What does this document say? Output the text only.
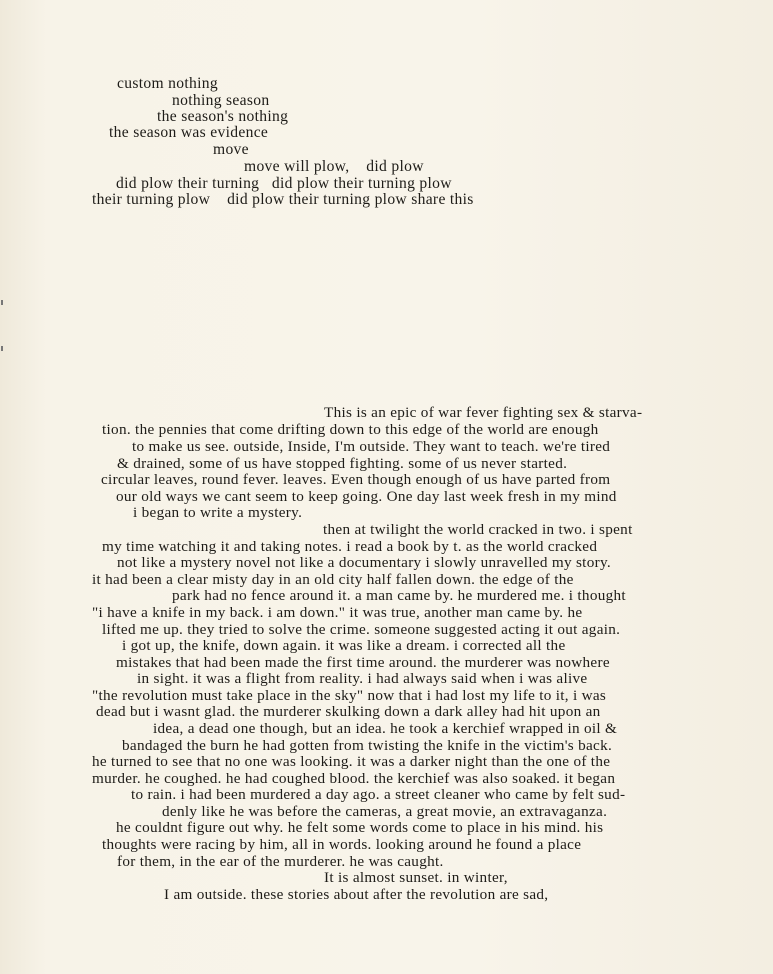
custom nothing
nothing season
the season's nothing
the season was evidence
move
move will plow,    did plow
did plow their turning   did plow their turning plow
their turning plow    did plow their turning plow share this
This is an epic of war fever fighting sex & starva-
tion. the pennies that come drifting down to this edge of the world are enough
to make us see. outside, Inside, I'm outside. They want to teach. we're tired
& drained, some of us have stopped fighting. some of us never started.
circular leaves, round fever. leaves. Even though enough of us have parted from
our old ways we cant seem to keep going. One day last week fresh in my mind
i began to write a mystery.
then at twilight the world cracked in two. i spent
my time watching it and taking notes. i read a book by t. as the world cracked
not like a mystery novel not like a documentary i slowly unravelled my story.
it had been a clear misty day in an old city half fallen down. the edge of the
park had no fence around it. a man came by. he murdered me. i thought
"i have a knife in my back. i am down." it was true, another man came by. he
lifted me up. they tried to solve the crime. someone suggested acting it out again.
i got up, the knife, down again. it was like a dream. i corrected all the
mistakes that had been made the first time around. the murderer was nowhere
in sight. it was a flight from reality. i had always said when i was alive
"the revolution must take place in the sky" now that i had lost my life to it, i was
dead but i wasnt glad. the murderer skulking down a dark alley had hit upon an
idea, a dead one though, but an idea. he took a kerchief wrapped in oil &
bandaged the burn he had gotten from twisting the knife in the victim's back.
he turned to see that no one was looking. it was a darker night than the one of the
murder. he coughed. he had coughed blood. the kerchief was also soaked. it began
to rain. i had been murdered a day ago. a street cleaner who came by felt sud-
denly like he was before the cameras, a great movie, an extravaganza.
he couldnt figure out why. he felt some words come to place in his mind. his
thoughts were racing by him, all in words. looking around he found a place
for them, in the ear of the murderer. he was caught.
It is almost sunset. in winter,
I am outside. these stories about after the revolution are sad,
